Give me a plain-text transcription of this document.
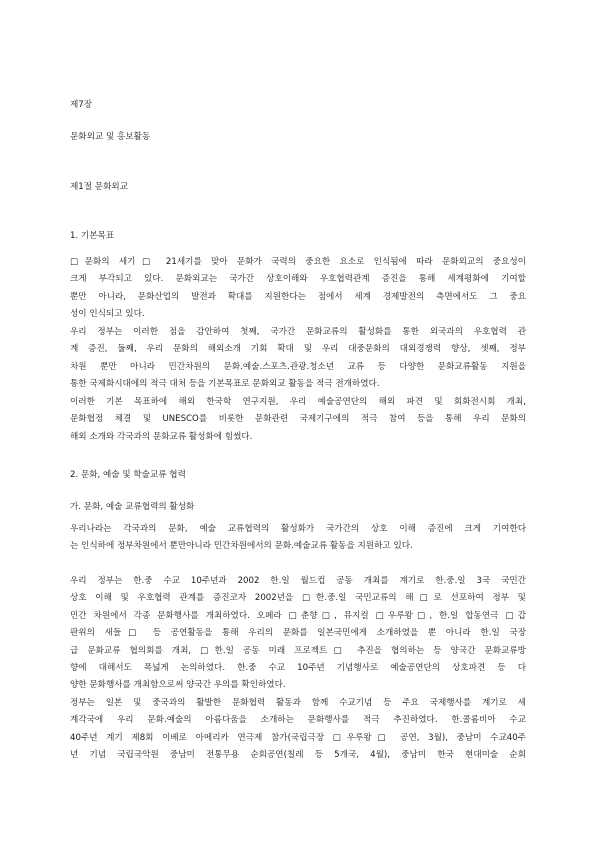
제7장
문화외교 및 홍보활동
제1절 문화외교
1. 기본목표
□문화의 세기□ 21세기를 맞아 문화가 국력의 중요한 요소로 인식됨에 따라 문화외교의 중요성이
크게 부각되고 있다. 문화외교는 국가간 상호이해와 우호협력관계 증진을 통해 세계평화에 기여할
뿐만 아니라, 문화산업의 발전과 확대를 지원한다는 점에서 세계 경제발전의 측면에서도 그 중요
성이 인식되고 있다.
우리 정부는 이러한 점을 감안하여 첫째, 국가간 문화교류의 활성화를 통한 외국과의 우호협력 관
계 증진, 둘째, 우리 문화의 해외소개 기회 확대 및 우리 대중문화의 대외경쟁력 향상, 셋째, 정부
차원 뿐만 아니라 민간차원의 문화.예술.스포츠.관광.청소년 교류 등 다양한 문화교류활동 지원을
통한 국제화시대에의 적극 대처 등을 기본목표로 문화외교 활동을 적극 전개하였다.
이러한 기본 목표하에 해외 한국학 연구지원, 우리 예술공연단의 해외 파견 및 회화전시회 개최,
문화협정 체결 및 UNESCO를 비롯한 문화관련 국제기구에의 적극 참여 등을 통해 우리 문화의
해외 소개와 각국과의 문화교류 활성화에 힘썼다.
2. 문화, 예술 및 학술교류 협력
가. 문화, 예술 교류협력의 활성화
우리나라는 각국과의 문화, 예술 교류협력의 활성화가 국가간의 상호 이해 증진에 크게 기여한다
는 인식하에 정부차원에서 뿐만아니라 민간차원에서의 문화.예술교류 활동을 지원하고 있다.
우리 정부는 한.중 수교 10주년과 2002 한.일 월드컵 공동 개최를 계기로 한.중.일 3국 국민간
상호 이해 및 우호협력 관계를 증진코자 2002년을 □한.중.일 국민교류의 해□로 선포하여 정부 및
민간 차원에서 각종 문화행사를 개최하였다. 오페라 □춘향□, 뮤지컬 □우루왕□, 한.일 합동연극 □갑
판위의 새들□ 등 공연활동을 통해 우리의 문화를 일본국민에게 소개하였을 뿐 아니라 한.일 국장
급 문화교류 협의회를 개최, □한.일 공동 미래 프로젝트□ 추진을 협의하는 등 양국간 문화교류방
향에 대해서도 폭넓게 논의하였다. 한.중 수교 10주년 기념행사로 예술공연단의 상호파견 등 다
양한 문화행사를 개최함으로써 양국간 우의를 확인하였다.
정부는 일본 및 중국과의 활발한 문화협력 활동과 함께 수교기념 등 주요 국제행사를 계기로 세
계각국에 우리 문화.예술의 아름다움을 소개하는 문화행사를 적극 추진하였다. 한.콜롬비아 수교
40주년 계기 제8회 이베로 아메리카 연극제 참가(국립극장 □우루왕□ 공연, 3월), 중남미 수교40주
년 기념 국립국악원 중남미 전통무용 순회공연(칠레 등 5개국, 4월), 중남미 한국 현대미술 순회
